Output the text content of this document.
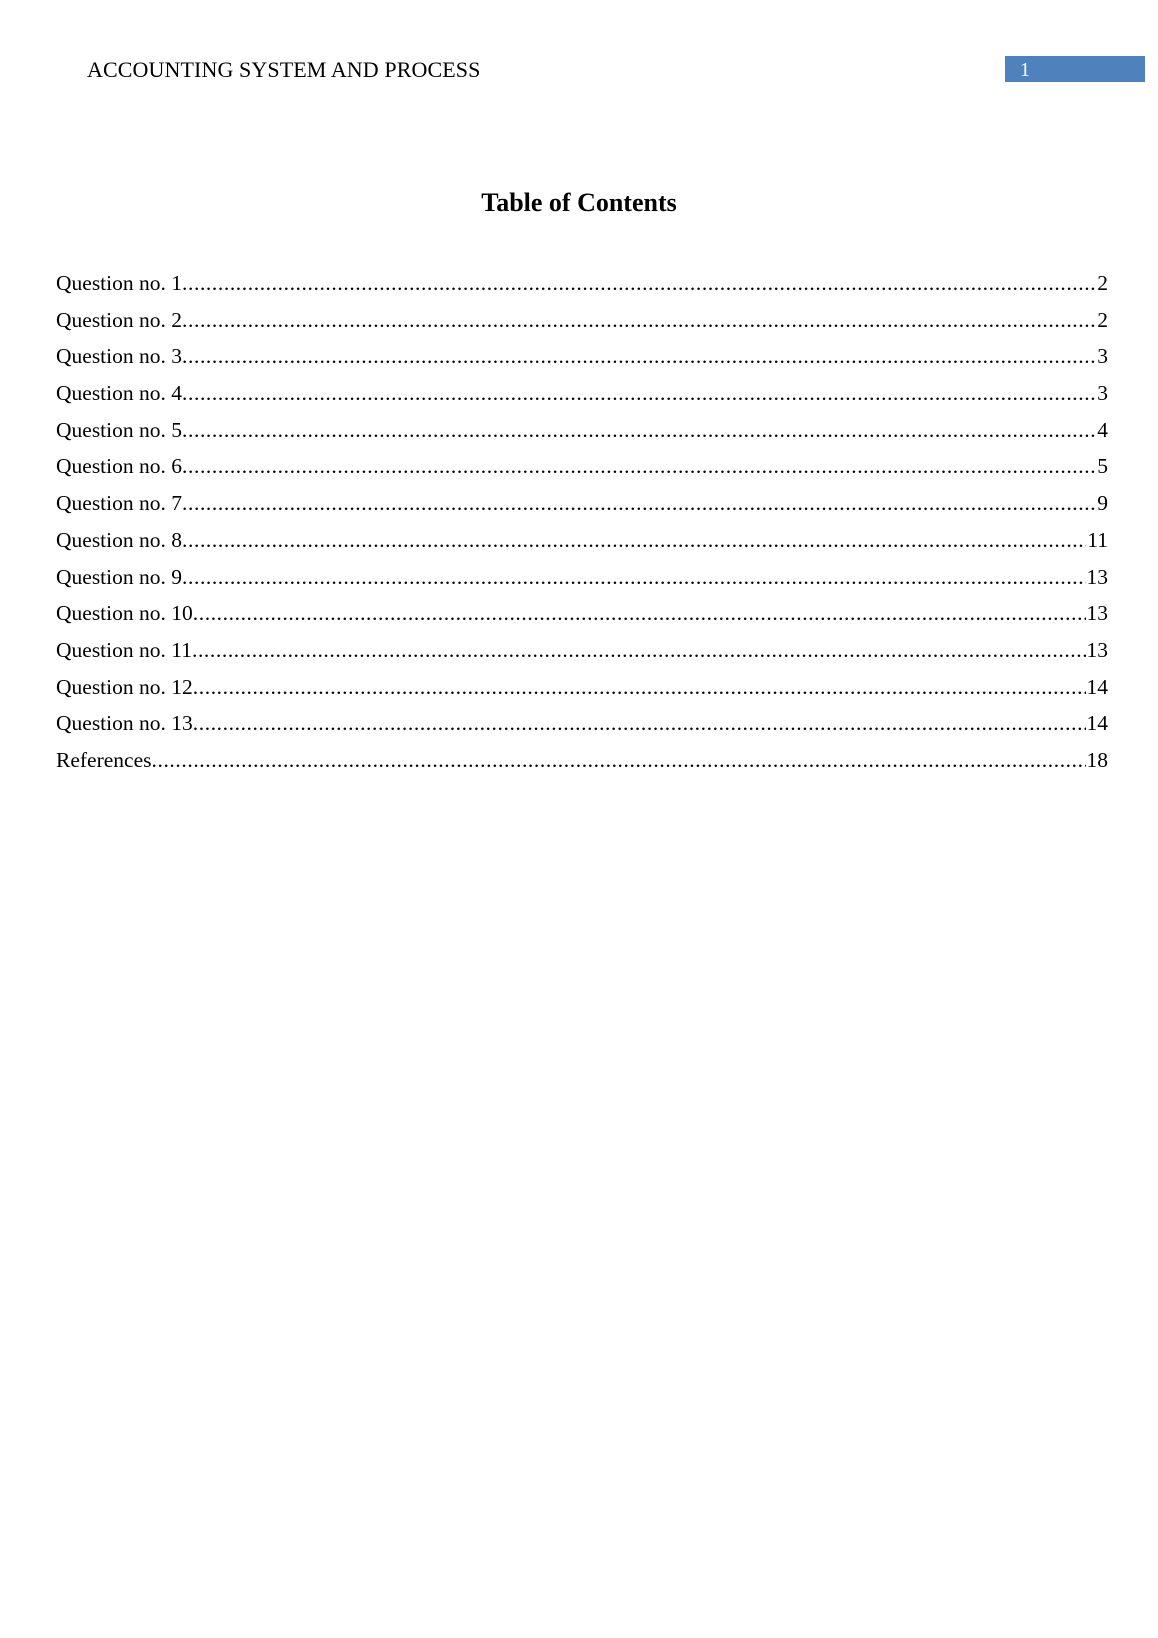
ACCOUNTING SYSTEM AND PROCESS	1
Table of Contents
Question no. 1 .....	2
Question no. 2 .....	2
Question no. 3 .....	3
Question no. 4 .....	3
Question no. 5 .....	4
Question no. 6 .....	5
Question no. 7 .....	9
Question no. 8 .....	11
Question no. 9 .....	13
Question no. 10 .....	13
Question no. 11 .....	13
Question no. 12 .....	14
Question no. 13 .....	14
References .....	18
